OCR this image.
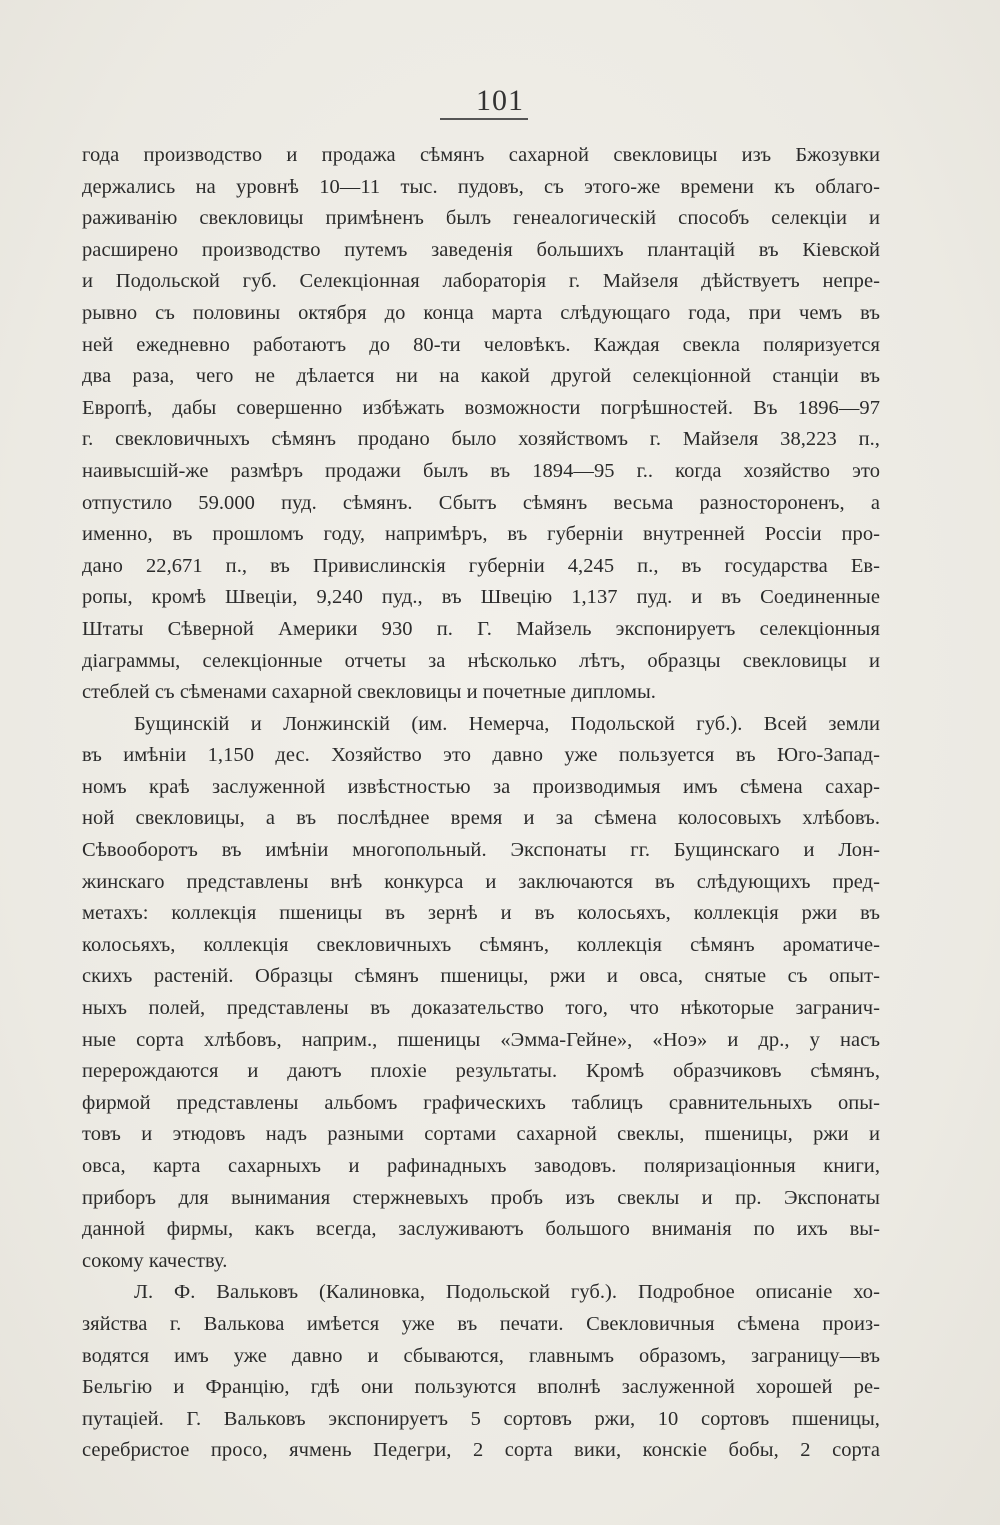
101
года производство и продажа сѣмянъ сахарной свекловицы изъ Бжозувки
держались на уровнѣ 10—11 тыс. пудовъ, съ этого-же времени къ облаго-
раживанію свекловицы примѣненъ былъ генеалогическій способъ селекціи и
расширено производство путемъ заведенія большихъ плантацій въ Кіевской
и Подольской губ. Селекціонная лабораторія г. Майзеля дѣйствуетъ непре-
рывно съ половины октября до конца марта слѣдующаго года, при чемъ въ
ней ежедневно работаютъ до 80-ти человѣкъ. Каждая свекла поляризуется
два раза, чего не дѣлается ни на какой другой селекціонной станціи въ
Европѣ, дабы совершенно избѣжать возможности погрѣшностей. Въ 1896—97
г. свекловичныхъ сѣмянъ продано было хозяйствомъ г. Майзеля 38,223 п.,
наивысшій-же размѣръ продажи былъ въ 1894—95 г.. когда хозяйство это
отпустило 59.000 пуд. сѣмянъ. Сбытъ сѣмянъ весьма разностороненъ, а
именно, въ прошломъ году, напримѣръ, въ губерніи внутренней Россіи про-
дано 22,671 п., въ Привислинскія губерніи 4,245 п., въ государства Ев-
ропы, кромѣ Швеціи, 9,240 пуд., въ Швецію 1,137 пуд. и въ Соединенные
Штаты Сѣверной Америки 930 п. Г. Майзель экспонируетъ селекціонныя
діаграммы, селекціонные отчеты за нѣсколько лѣтъ, образцы свекловицы и
стеблей съ сѣменами сахарной свекловицы и почетные дипломы.
Бущинскій и Лонжинскій (им. Немерча, Подольской губ.). Всей земли
въ имѣніи 1,150 дес. Хозяйство это давно уже пользуется въ Юго-Запад-
номъ краѣ заслуженной извѣстностью за производимыя имъ сѣмена сахар-
ной свекловицы, а въ послѣднее время и за сѣмена колосовыхъ хлѣбовъ.
Сѣвооборотъ въ имѣніи многопольный. Экспонаты гг. Бущинскаго и Лон-
жинскаго представлены внѣ конкурса и заключаются въ слѣдующихъ пред-
метахъ: коллекція пшеницы въ зернѣ и въ колосьяхъ, коллекція ржи въ
колосьяхъ, коллекція свекловичныхъ сѣмянъ, коллекція сѣмянъ ароматиче-
скихъ растеній. Образцы сѣмянъ пшеницы, ржи и овса, снятые съ опыт-
ныхъ полей, представлены въ доказательство того, что нѣкоторые загранич-
ные сорта хлѣбовъ, наприм., пшеницы «Эмма-Гейне», «Ноэ» и др., у насъ
перерождаются и даютъ плохіе результаты. Кромѣ образчиковъ сѣмянъ,
фирмой представлены альбомъ графическихъ таблицъ сравнительныхъ опы-
товъ и этюдовъ надъ разными сортами сахарной свеклы, пшеницы, ржи и
овса, карта сахарныхъ и рафинадныхъ заводовъ. поляризаціонныя книги,
приборъ для вынимания стержневыхъ пробъ изъ свеклы и пр. Экспонаты
данной фирмы, какъ всегда, заслуживаютъ большого вниманія по ихъ вы-
сокому качеству.
Л. Ф. Вальковъ (Калиновка, Подольской губ.). Подробное описаніе хо-
зяйства г. Валькова имѣется уже въ печати. Свекловичныя сѣмена произ-
водятся имъ уже давно и сбываются, главнымъ образомъ, заграницу—въ
Бельгію и Францію, гдѣ они пользуются вполнѣ заслуженной хорошей ре-
путаціей. Г. Вальковъ экспонируетъ 5 сортовъ ржи, 10 сортовъ пшеницы,
серебристое просо, ячмень Педегри, 2 сорта вики, конскіе бобы, 2 сорта
